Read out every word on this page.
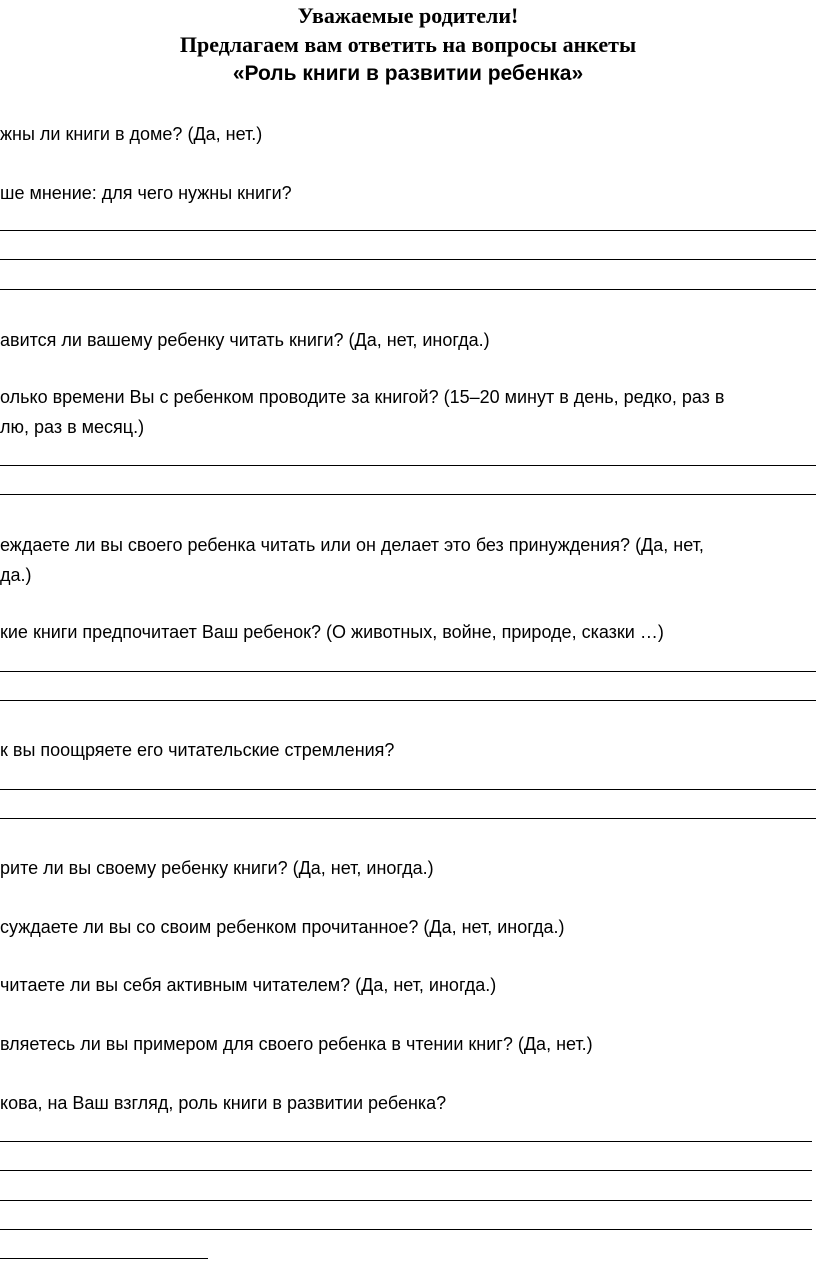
Уважаемые родители!
Предлагаем вам ответить на вопросы анкеты
«Роль книги в развитии ребенка»
жны ли книги в доме? (Да, нет.)
ше мнение: для чего нужны книги?
авится ли вашему ребенку читать книги? (Да, нет, иногда.)
олько времени Вы с ребенком проводите за книгой? (15–20 минут в день, редко, раз в
лю, раз в месяц.)
еждаете ли вы своего ребенка читать или он делает это без принуждения? (Да, нет,
да.)
кие книги предпочитает Ваш ребенок? (О животных, войне, природе, сказки …)
к вы поощряете его читательские стремления?
рите ли вы своему ребенку книги? (Да, нет, иногда.)
суждаете ли вы со своим ребенком прочитанное? (Да, нет, иногда.)
читаете ли вы себя активным читателем? (Да, нет, иногда.)
вляетесь ли вы примером для своего ребенка в чтении книг? (Да, нет.)
кова, на Ваш взгляд, роль книги в развитии ребенка?
